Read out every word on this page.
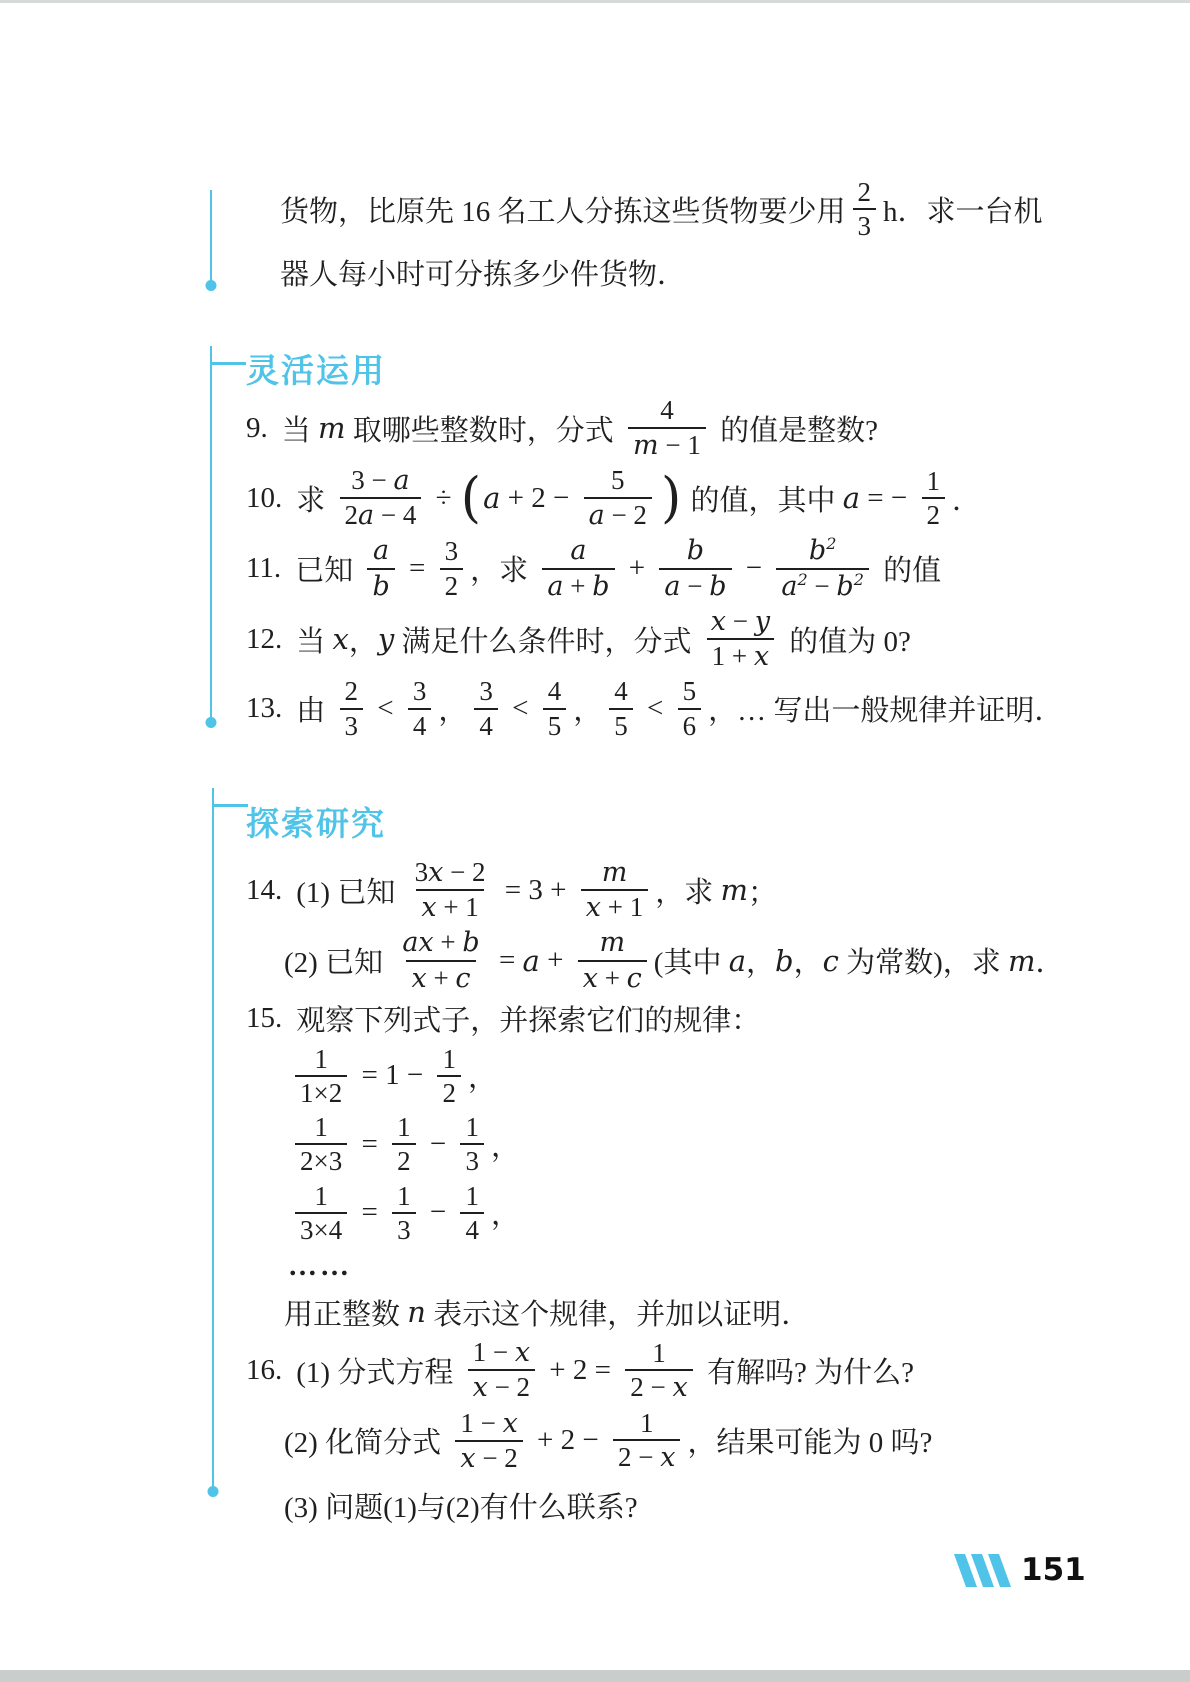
货物，比原先 16 名工人分拣这些货物要少用 $\frac{2}{3}$ h．求一台机
器人每小时可分拣多少件货物．
灵活运用
9. 当 m 取哪些整数时，分式 $\frac{4}{m - 1}$ 的值是整数?
10. 求 $\frac{3 - a}{2a - 4}$ ÷ ( $a + 2 - \frac{5}{a - 2}$ ) 的值，其中 a = − $\frac{1}{2}$ ．
11. 已知 $\frac{a}{b} = \frac{3}{2}$ ，求 $\frac{a}{a + b} + \frac{b}{a - b} - \frac{b^2}{a^2 - b^2}$ 的值
12. 当 x ， y 满足什么条件时，分式 $\frac{x - y}{1 + x}$ 的值为 0?
13. 由 $\frac{2}{3} < \frac{3}{4}$ ， $\frac{3}{4} < \frac{4}{5}$ ， $\frac{4}{5} < \frac{5}{6}$ ，… 写出一般规律并证明．
探索研究
14. (1) 已知 $\frac{3x - 2}{x + 1} = 3 + \frac{m}{x + 1}$ ，求 m ；
(2) 已知 $\frac{ax + b}{x + c} = a + \frac{m}{x + c}$ (其中 a ， b ， c 为常数)，求 m ．
15. 观察下列式子，并探索它们的规律：
$\frac{1}{1\times 2} = 1 - \frac{1}{2}$ ，
$\frac{1}{2\times 3} = \frac{1}{2} - \frac{1}{3}$ ，
$\frac{1}{3\times 4} = \frac{1}{3} - \frac{1}{4}$ ，
……
用正整数 n 表示这个规律，并加以证明．
16. (1) 分式方程 $\frac{1 - x}{x - 2} + 2 = \frac{1}{2 - x}$ 有解吗? 为什么?
(2) 化简分式 $\frac{1 - x}{x - 2} + 2 - \frac{1}{2 - x}$ ，结果可能为 0 吗?
(3) 问题(1)与(2)有什么联系?
151
